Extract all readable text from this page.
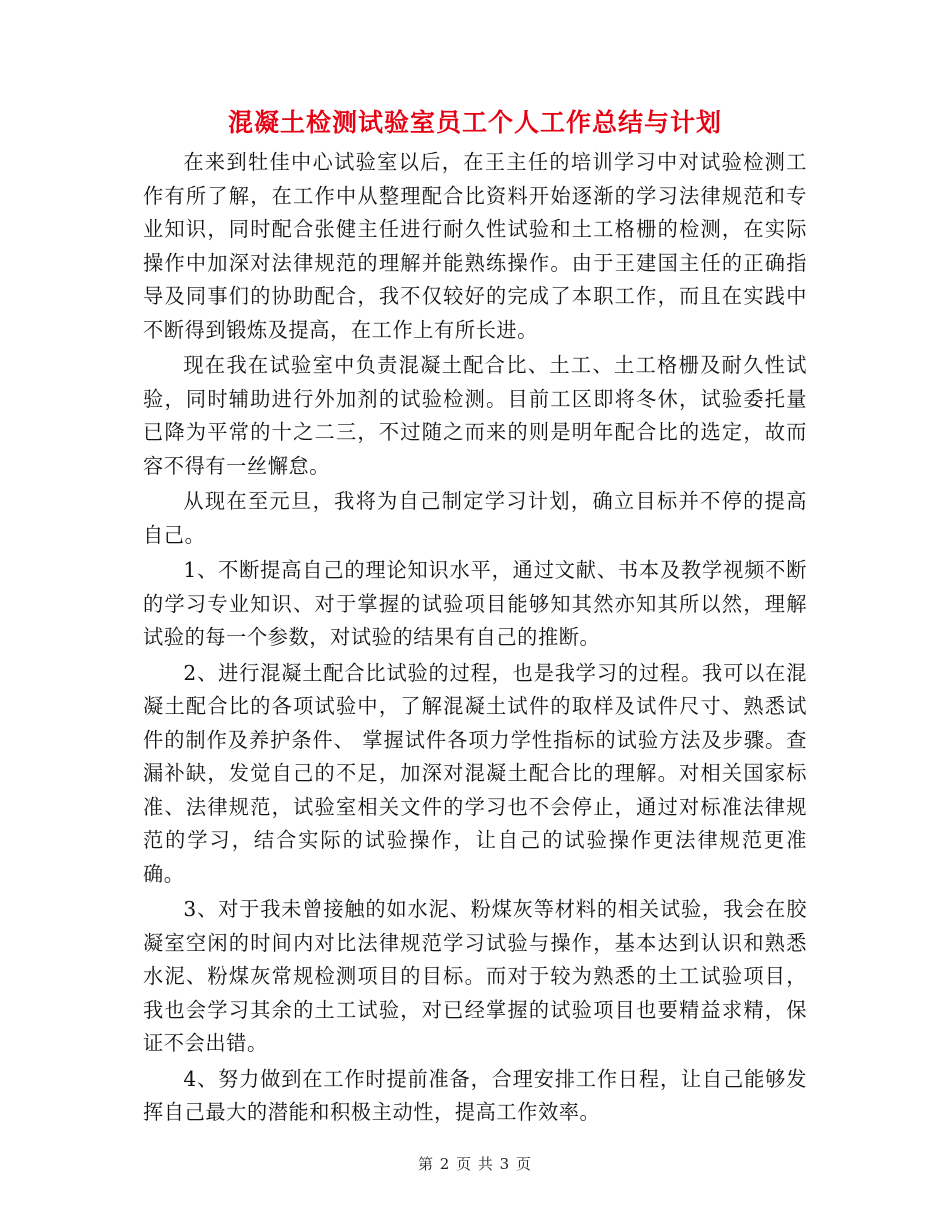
混凝土检测试验室员工个人工作总结与计划

在来到牡佳中心试验室以后，在王主任的培训学习中对试验检测工作有所了解，在工作中从整理配合比资料开始逐渐的学习法律规范和专业知识，同时配合张健主任进行耐久性试验和土工格栅的检测，在实际操作中加深对法律规范的理解并能熟练操作。由于王建国主任的正确指导及同事们的协助配合，我不仅较好的完成了本职工作，而且在实践中不断得到锻炼及提高，在工作上有所长进。

现在我在试验室中负责混凝土配合比、土工、土工格栅及耐久性试验，同时辅助进行外加剂的试验检测。目前工区即将冬休，试验委托量已降为平常的十之二三，不过随之而来的则是明年配合比的选定，故而容不得有一丝懈怠。

从现在至元旦，我将为自己制定学习计划，确立目标并不停的提高自己。

1、不断提高自己的理论知识水平，通过文献、书本及教学视频不断的学习专业知识、对于掌握的试验项目能够知其然亦知其所以然，理解试验的每一个参数，对试验的结果有自己的推断。

2、进行混凝土配合比试验的过程，也是我学习的过程。我可以在混凝土配合比的各项试验中，了解混凝土试件的取样及试件尺寸、熟悉试件的制作及养护条件、 掌握试件各项力学性指标的试验方法及步骤。查漏补缺，发觉自己的不足，加深对混凝土配合比的理解。对相关国家标准、法律规范，试验室相关文件的学习也不会停止，通过对标准法律规范的学习，结合实际的试验操作，让自己的试验操作更法律规范更准确。

3、对于我未曾接触的如水泥、粉煤灰等材料的相关试验，我会在胶凝室空闲的时间内对比法律规范学习试验与操作，基本达到认识和熟悉水泥、粉煤灰常规检测项目的目标。而对于较为熟悉的土工试验项目，我也会学习其余的土工试验，对已经掌握的试验项目也要精益求精，保证不会出错。

4、努力做到在工作时提前准备，合理安排工作日程，让自己能够发挥自己最大的潜能和积极主动性，提高工作效率。

第 2 页 共 3 页
